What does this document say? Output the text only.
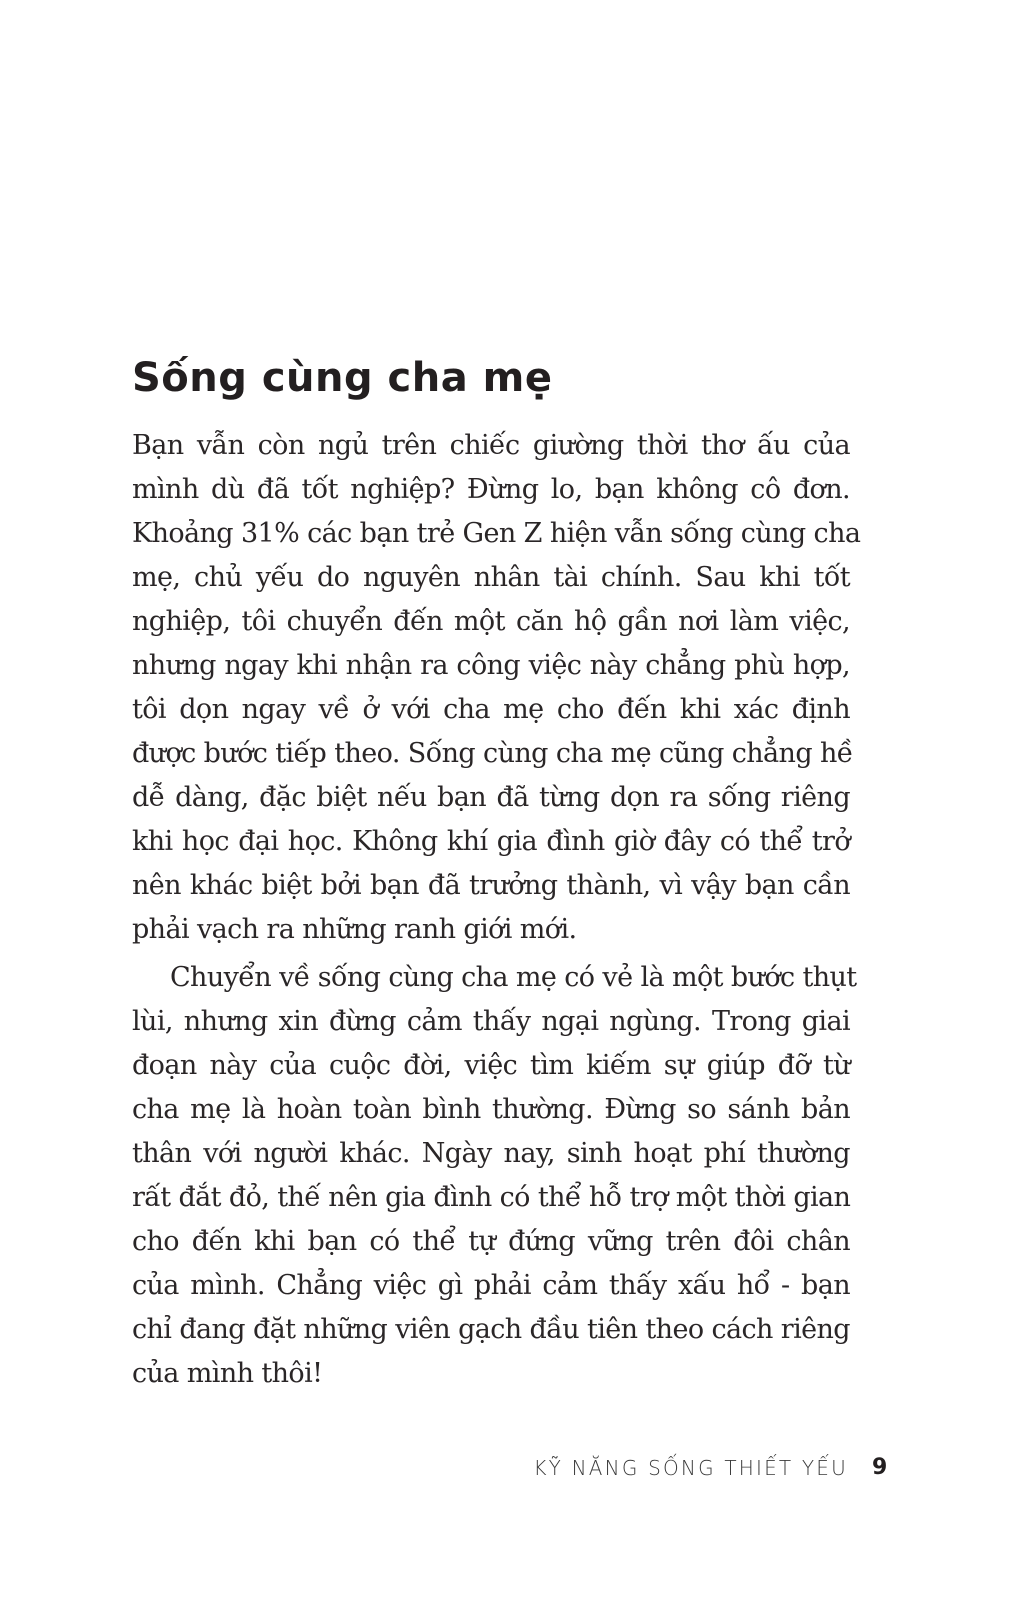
Sống cùng cha mẹ
Bạn vẫn còn ngủ trên chiếc giường thời thơ ấu của
mình dù đã tốt nghiệp? Đừng lo, bạn không cô đơn.
Khoảng 31% các bạn trẻ Gen Z hiện vẫn sống cùng cha
mẹ, chủ yếu do nguyên nhân tài chính. Sau khi tốt
nghiệp, tôi chuyển đến một căn hộ gần nơi làm việc,
nhưng ngay khi nhận ra công việc này chẳng phù hợp,
tôi dọn ngay về ở với cha mẹ cho đến khi xác định
được bước tiếp theo. Sống cùng cha mẹ cũng chẳng hề
dễ dàng, đặc biệt nếu bạn đã từng dọn ra sống riêng
khi học đại học. Không khí gia đình giờ đây có thể trở
nên khác biệt bởi bạn đã trưởng thành, vì vậy bạn cần
phải vạch ra những ranh giới mới.
Chuyển về sống cùng cha mẹ có vẻ là một bước thụt
lùi, nhưng xin đừng cảm thấy ngại ngùng. Trong giai
đoạn này của cuộc đời, việc tìm kiếm sự giúp đỡ từ
cha mẹ là hoàn toàn bình thường. Đừng so sánh bản
thân với người khác. Ngày nay, sinh hoạt phí thường
rất đắt đỏ, thế nên gia đình có thể hỗ trợ một thời gian
cho đến khi bạn có thể tự đứng vững trên đôi chân
của mình. Chẳng việc gì phải cảm thấy xấu hổ - bạn
chỉ đang đặt những viên gạch đầu tiên theo cách riêng
của mình thôi!
KỸ NĂNG SỐNG THIẾT YẾU 9
